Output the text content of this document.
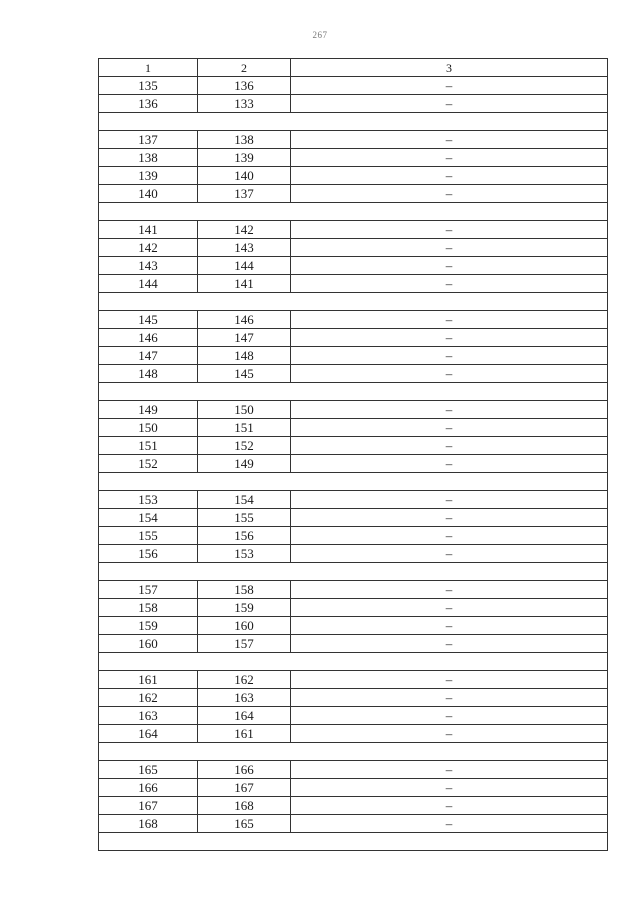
267
1	2	3
135	136	–
136	133	–
137	138	–
138	139	–
139	140	–
140	137	–
141	142	–
142	143	–
143	144	–
144	141	–
145	146	–
146	147	–
147	148	–
148	145	–
149	150	–
150	151	–
151	152	–
152	149	–
153	154	–
154	155	–
155	156	–
156	153	–
157	158	–
158	159	–
159	160	–
160	157	–
161	162	–
162	163	–
163	164	–
164	161	–
165	166	–
166	167	–
167	168	–
168	165	–
